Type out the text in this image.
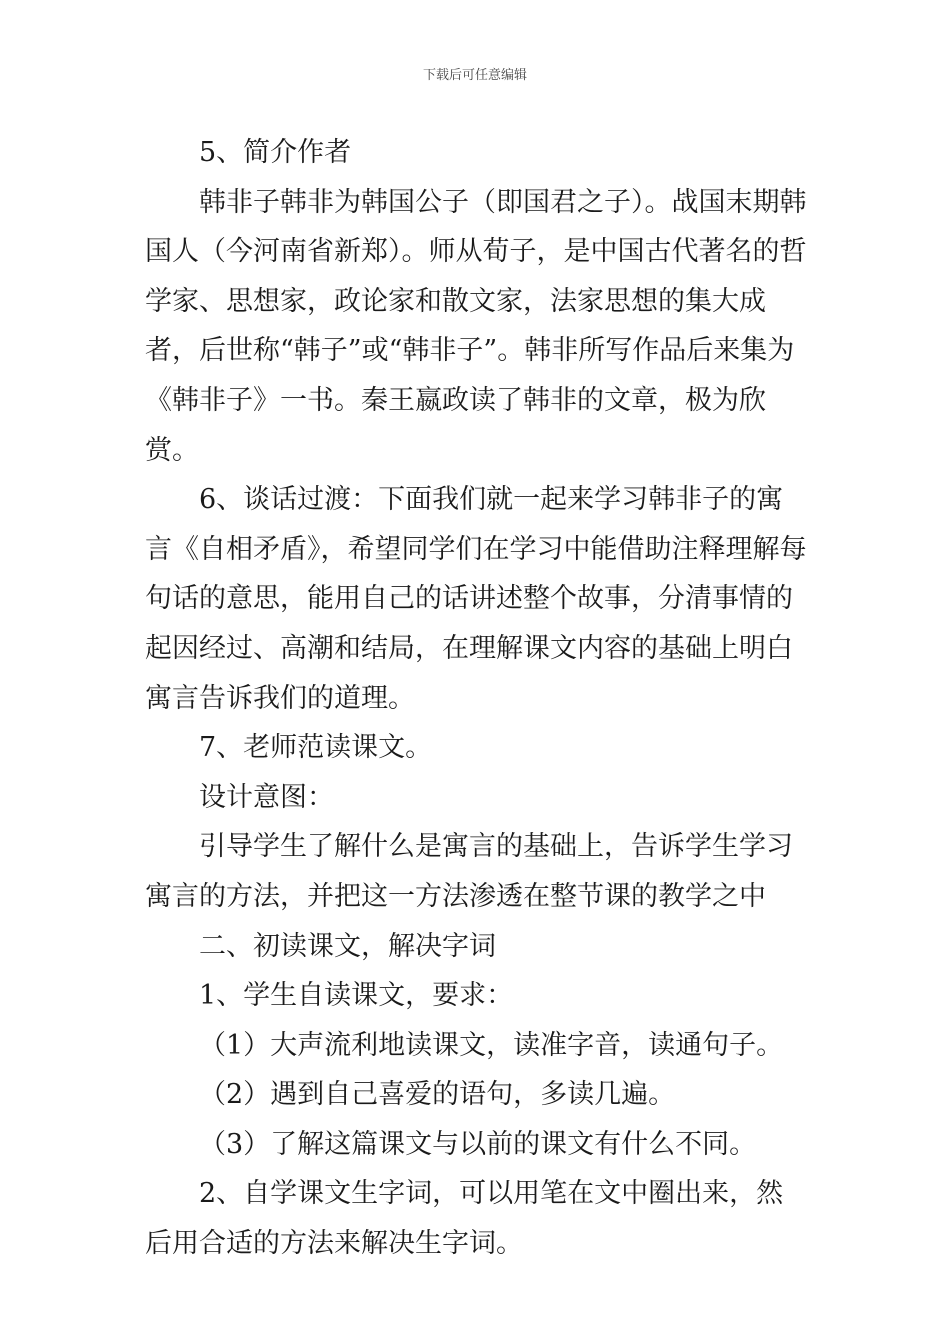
下载后可任意编辑

5、简介作者

韩非子韩非为韩国公子（即国君之子）。战国末期韩国人（今河南省新郑）。师从荀子，是中国古代著名的哲学家、思想家，政论家和散文家，法家思想的集大成者，后世称“韩子”或“韩非子”。韩非所写作品后来集为《韩非子》一书。秦王嬴政读了韩非的文章，极为欣赏。

6、谈话过渡：下面我们就一起来学习韩非子的寓言《自相矛盾》，希望同学们在学习中能借助注释理解每句话的意思，能用自己的话讲述整个故事，分清事情的起因经过、高潮和结局，在理解课文内容的基础上明白寓言告诉我们的道理。

7、老师范读课文。

设计意图：

引导学生了解什么是寓言的基础上，告诉学生学习寓言的方法，并把这一方法渗透在整节课的教学之中

二、初读课文，解决字词

1、学生自读课文，要求：

（1）大声流利地读课文，读准字音，读通句子。

（2）遇到自己喜爱的语句，多读几遍。

（3）了解这篇课文与以前的课文有什么不同。

2、自学课文生字词，可以用笔在文中圈出来，然后用合适的方法来解决生字词。
